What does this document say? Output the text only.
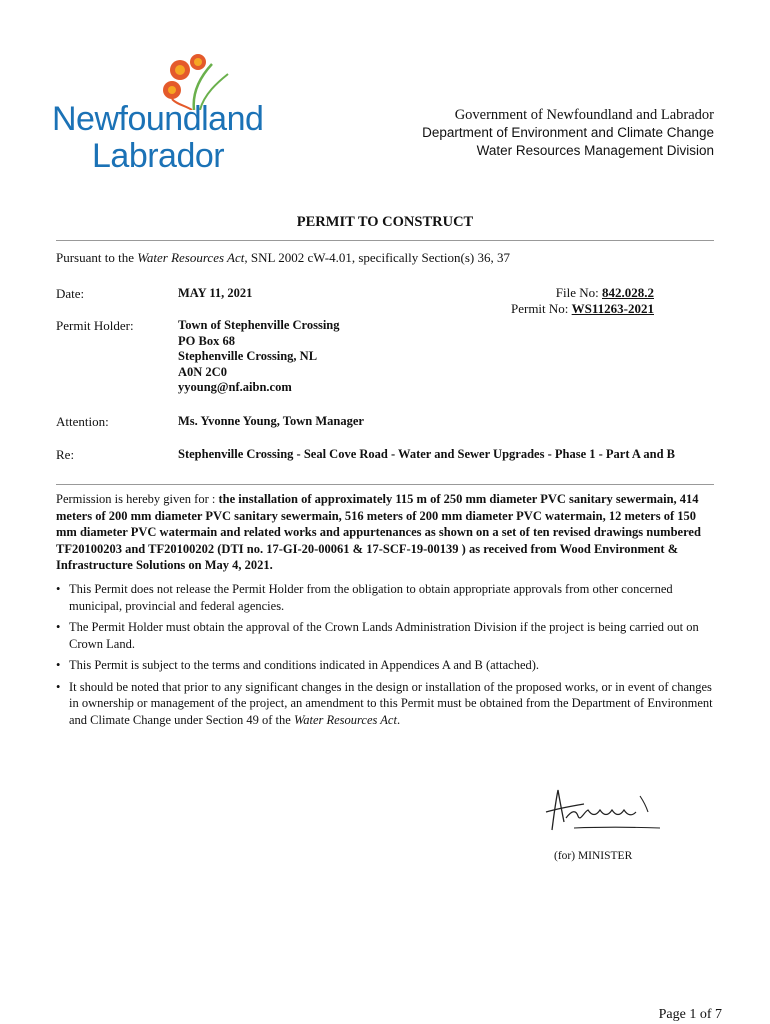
Newfoundland
Labrador
Government of Newfoundland and Labrador
Department of Environment and Climate Change
Water Resources Management Division
PERMIT TO CONSTRUCT
Pursuant to the Water Resources Act, SNL 2002 cW-4.01, specifically Section(s) 36, 37
Date:	MAY 11, 2021	File No: 842.028.2
Permit No: WS11263-2021
Permit Holder:	Town of Stephenville Crossing
PO Box 68
Stephenville Crossing, NL
A0N 2C0
yyoung@nf.aibn.com
Attention:	Ms. Yvonne Young, Town Manager
Re:	Stephenville Crossing - Seal Cove Road - Water and Sewer Upgrades - Phase 1 - Part A and B
Permission is hereby given for : the installation of approximately 115 m of 250 mm diameter PVC sanitary sewermain, 414 meters of 200 mm diameter PVC sanitary sewermain, 516 meters of 200 mm diameter PVC watermain, 12 meters of 150 mm diameter PVC watermain and related works and appurtenances as shown on a set of ten revised drawings numbered TF20100203 and TF20100202 (DTI no. 17-GI-20-00061 & 17-SCF-19-00139 ) as received from Wood Environment & Infrastructure Solutions on May 4, 2021.
• This Permit does not release the Permit Holder from the obligation to obtain appropriate approvals from other concerned municipal, provincial and federal agencies.
• The Permit Holder must obtain the approval of the Crown Lands Administration Division if the project is being carried out on Crown Land.
• This Permit is subject to the terms and conditions indicated in Appendices A and B (attached).
• It should be noted that prior to any significant changes in the design or installation of the proposed works, or in event of changes in ownership or management of the project, an amendment to this Permit must be obtained from the Department of Environment and Climate Change under Section 49 of the Water Resources Act.
(for) MINISTER
Page 1 of 7
